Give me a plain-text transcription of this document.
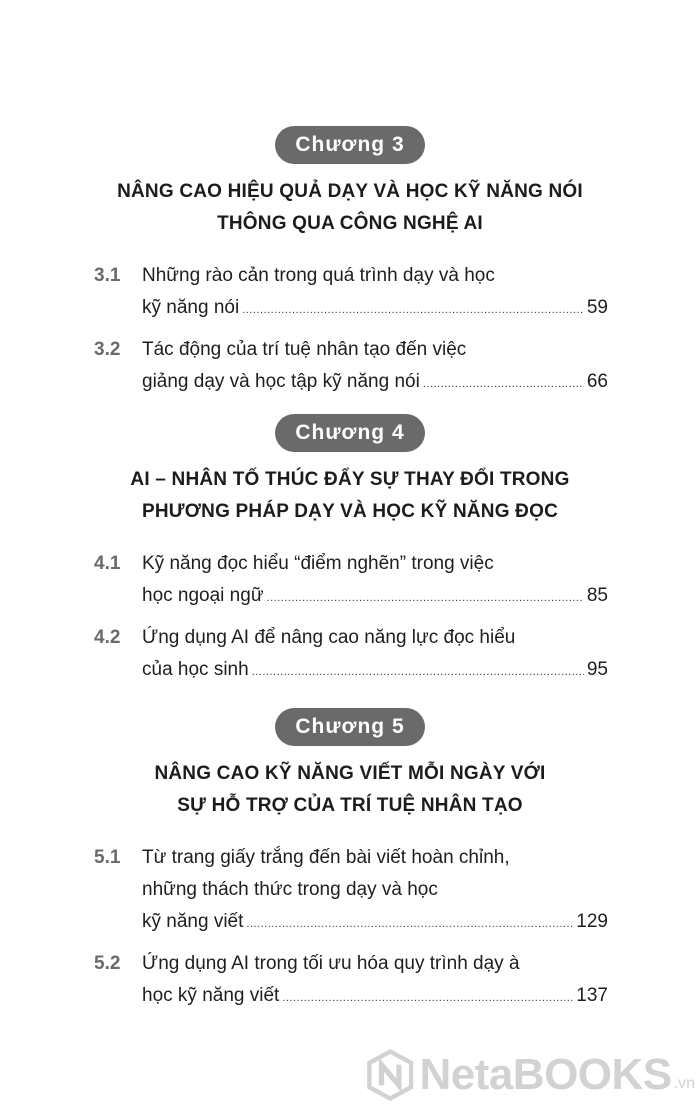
Chương 3
NÂNG CAO HIỆU QUẢ DẠY VÀ HỌC KỸ NĂNG NÓI
THÔNG QUA CÔNG NGHỆ AI
3.1	Những rào cản trong quá trình dạy và học
kỹ năng nói .....	59
3.2	Tác động của trí tuệ nhân tạo đến việc
giảng dạy và học tập kỹ năng nói .....	66
Chương 4
AI – NHÂN TỐ THÚC ĐẨY SỰ THAY ĐỔI TRONG
PHƯƠNG PHÁP DẠY VÀ HỌC KỸ NĂNG ĐỌC
4.1	Kỹ năng đọc hiểu “điểm nghẽn” trong việc
học ngoại ngữ .....	85
4.2	Ứng dụng AI để nâng cao năng lực đọc hiểu
của học sinh .....	95
Chương 5
NÂNG CAO KỸ NĂNG VIẾT MỖI NGÀY VỚI
SỰ HỖ TRỢ CỦA TRÍ TUỆ NHÂN TẠO
5.1	Từ trang giấy trắng đến bài viết hoàn chỉnh,
những thách thức trong dạy và học
kỹ năng viết .....	129
5.2	Ứng dụng AI trong tối ưu hóa quy trình dạy à
học kỹ năng viết .....	137
NetaBOOKS .vn
